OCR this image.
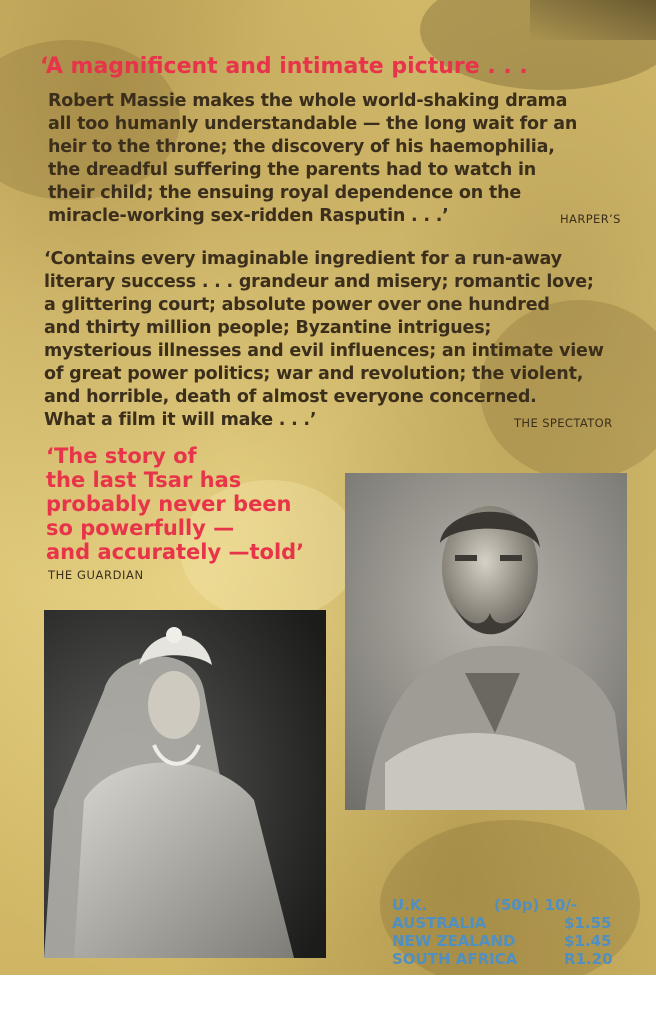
‘A magnificent and intimate picture . . .
Robert Massie makes the whole world-shaking drama
all too humanly understandable — the long wait for an
heir to the throne; the discovery of his haemophilia,
the dreadful suffering the parents had to watch in
their child; the ensuing royal dependence on the
miracle-working sex-ridden Rasputin . . .’	HARPER’S
‘Contains every imaginable ingredient for a run-away
literary success . . . grandeur and misery; romantic love;
a glittering court; absolute power over one hundred
and thirty million people; Byzantine intrigues;
mysterious illnesses and evil influences; an intimate view
of great power politics; war and revolution; the violent,
and horrible, death of almost everyone concerned.
What a film it will make . . .’	THE SPECTATOR
‘The story of
the last Tsar has
probably never been
so powerfully —
and accurately —told’
THE GUARDIAN
U.K.	(50p) 10/-
AUSTRALIA	$1.55
NEW ZEALAND	$1.45
SOUTH AFRICA	R1.20
